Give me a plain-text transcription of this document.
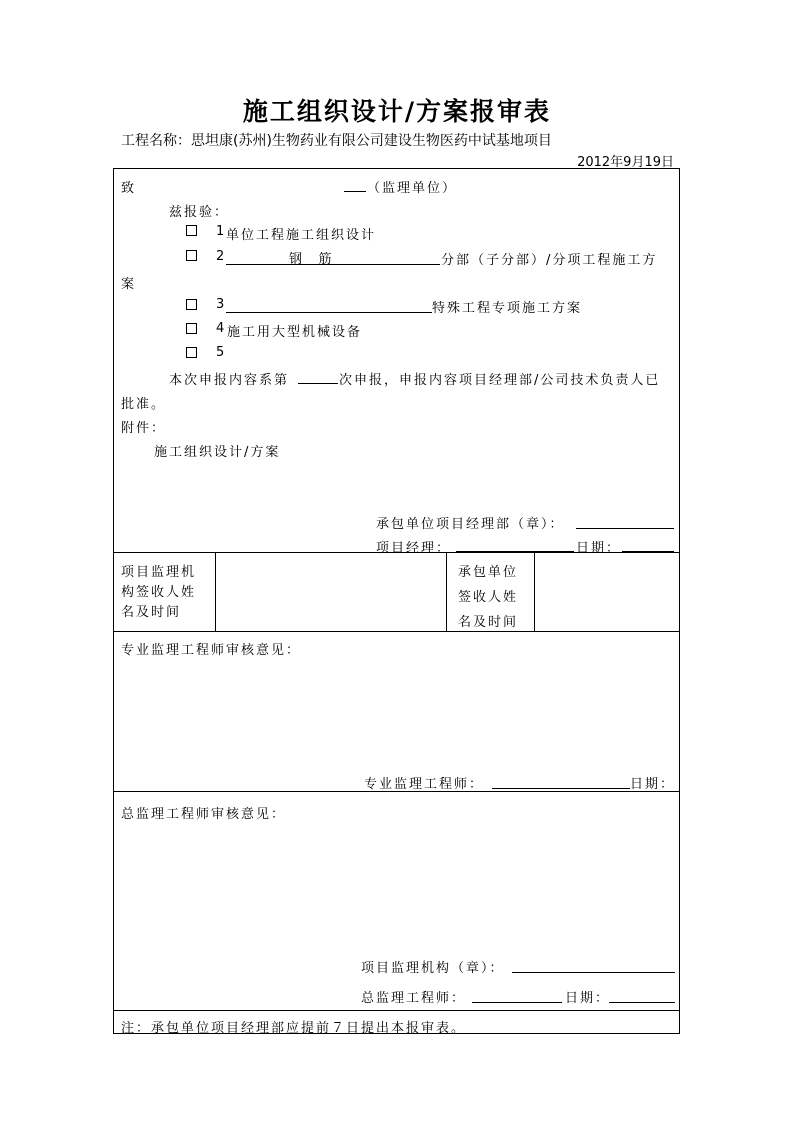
施工组织设计/方案报审表
工程名称：思坦康(苏州)生物药业有限公司建设生物医药中试基地项目
2012年9月19日
致	（监理单位）
兹报验：
1 单位工程施工组织设计
2	钢    筋	分部（子分部）/分项工程施工方
案
3	特殊工程专项施工方案
4 施工用大型机械设备
5
本次申报内容系第	次申报，申报内容项目经理部/公司技术负责人已
批准。
附件：
施工组织设计/方案
承包单位项目经理部（章）：
项目经理：	日期：
项目监理机
构签收人姓
名及时间
承包单位
签收人姓
名及时间
专业监理工程师审核意见：
专业监理工程师：	日期：
总监理工程师审核意见：
项目监理机构（章）：
总监理工程师：	日期：
注：承包单位项目经理部应提前７日提出本报审表。
